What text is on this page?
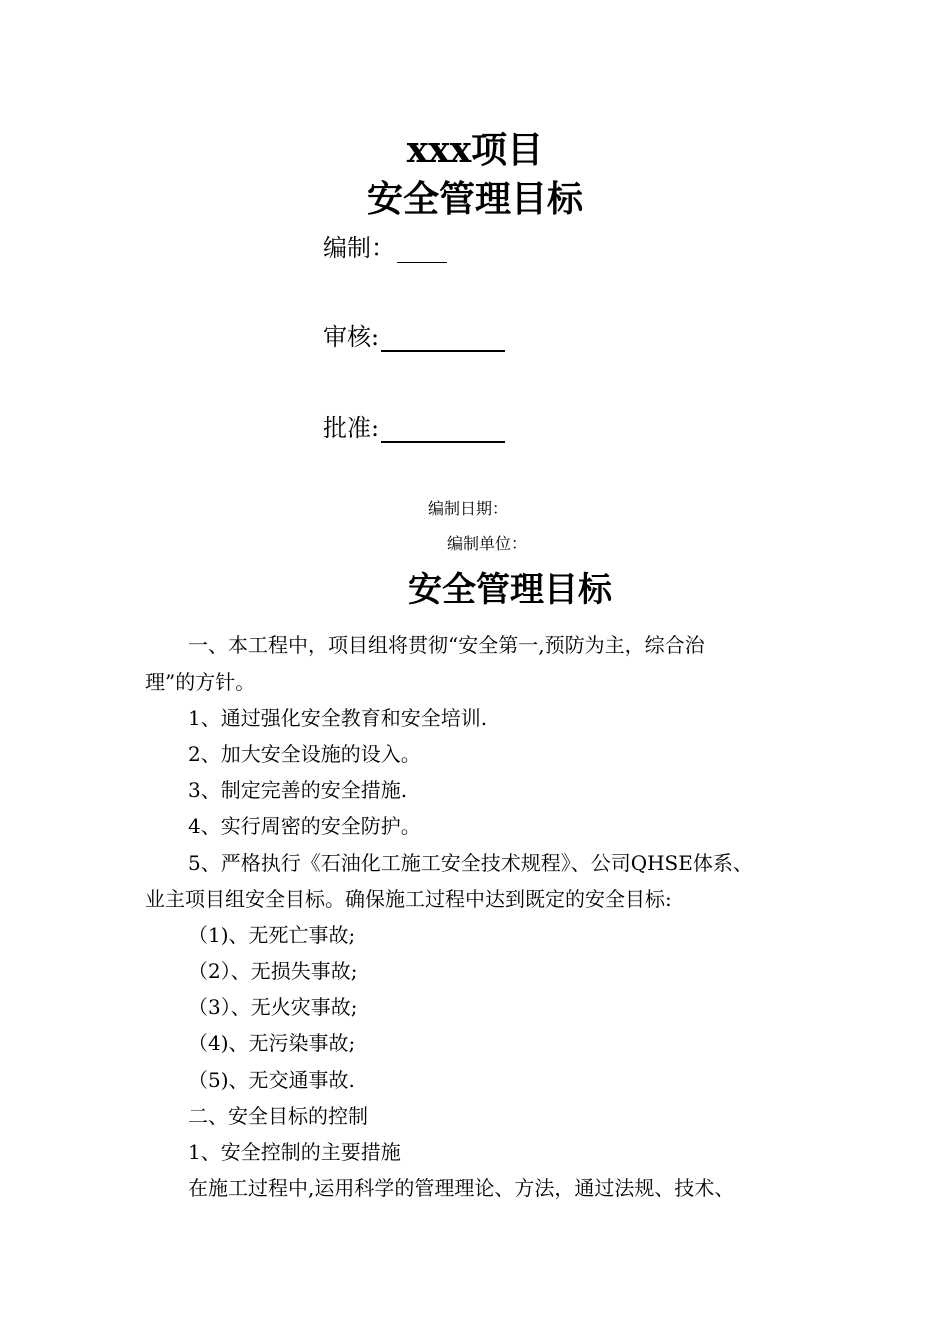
xxx项目
安全管理目标
编制：
审核:
批准:
编制日期：
编制单位：
安全管理目标
一、本工程中，项目组将贯彻“安全第一,预防为主，综合治
理”的方针。
1、通过强化安全教育和安全培训.
2、加大安全设施的设入。
3、制定完善的安全措施.
4、实行周密的安全防护。
5、严格执行《石油化工施工安全技术规程》、公司QHSE体系、
业主项目组安全目标。确保施工过程中达到既定的安全目标:
（1)、无死亡事故;
（2）、无损失事故;
（3）、无火灾事故;
（4)、无污染事故;
（5)、无交通事故.
二、安全目标的控制
1、安全控制的主要措施
在施工过程中,运用科学的管理理论、方法，通过法规、技术、
